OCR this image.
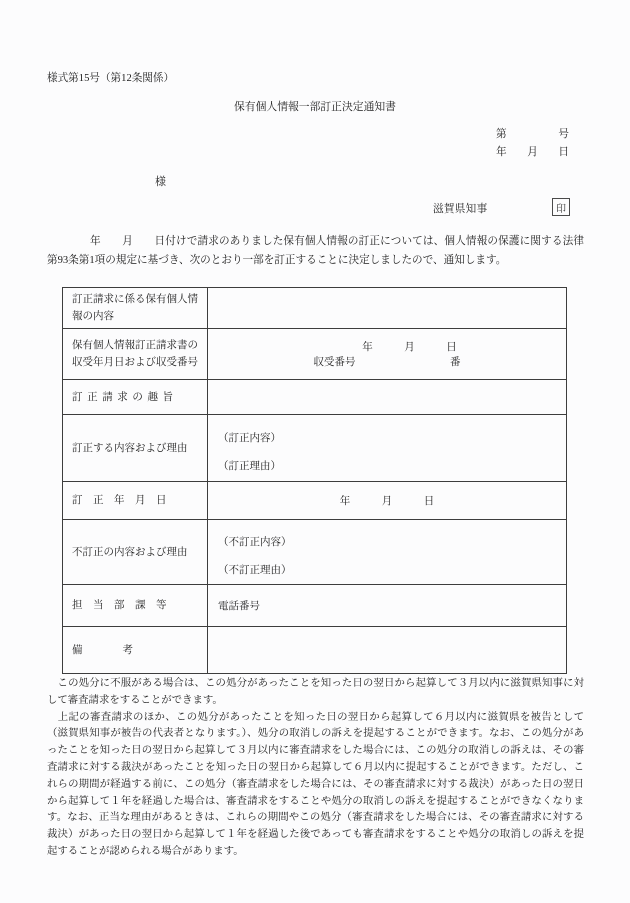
様式第15号（第12条関係）
保有個人情報一部訂正決定通知書
第	号
年 月 日
様
滋賀県知事	印
　　　　年　　月　　日付けで請求のありました保有個人情報の訂正については、個人情報の保護に関する法律第93条第1項の規定に基づき、次のとおり一部を訂正することに決定しましたので、通知します。
訂正請求に係る保有個人情報の内容	
保有個人情報訂正請求書の収受年月日および収受番号	年　　　月　　　日
収受番号　　　　　　　　　番

訂正請求の趣旨	
訂正する内容および理由	（訂正内容）
（訂正理由）

訂正年月日	年　　　月　　　日
不訂正の内容および理由	（不訂正内容）
（不訂正理由）

担当部課等	電話番号
備考	

　この処分に不服がある場合は、この処分があったことを知った日の翌日から起算して３月以内に滋賀県知事に対して審査請求をすることができます。

　上記の審査請求のほか、この処分があったことを知った日の翌日から起算して６月以内に滋賀県を被告として（滋賀県知事が被告の代表者となります。）、処分の取消しの訴えを提起することができます。なお、この処分があったことを知った日の翌日から起算して３月以内に審査請求をした場合には、この処分の取消しの訴えは、その審査請求に対する裁決があったことを知った日の翌日から起算して６月以内に提起することができます。ただし、これらの期間が経過する前に、この処分（審査請求をした場合には、その審査請求に対する裁決）があった日の翌日から起算して１年を経過した場合は、審査請求をすることや処分の取消しの訴えを提起することができなくなります。なお、正当な理由があるときは、これらの期間やこの処分（審査請求をした場合には、その審査請求に対する裁決）があった日の翌日から起算して１年を経過した後であっても審査請求をすることや処分の取消しの訴えを提起することが認められる場合があります。
